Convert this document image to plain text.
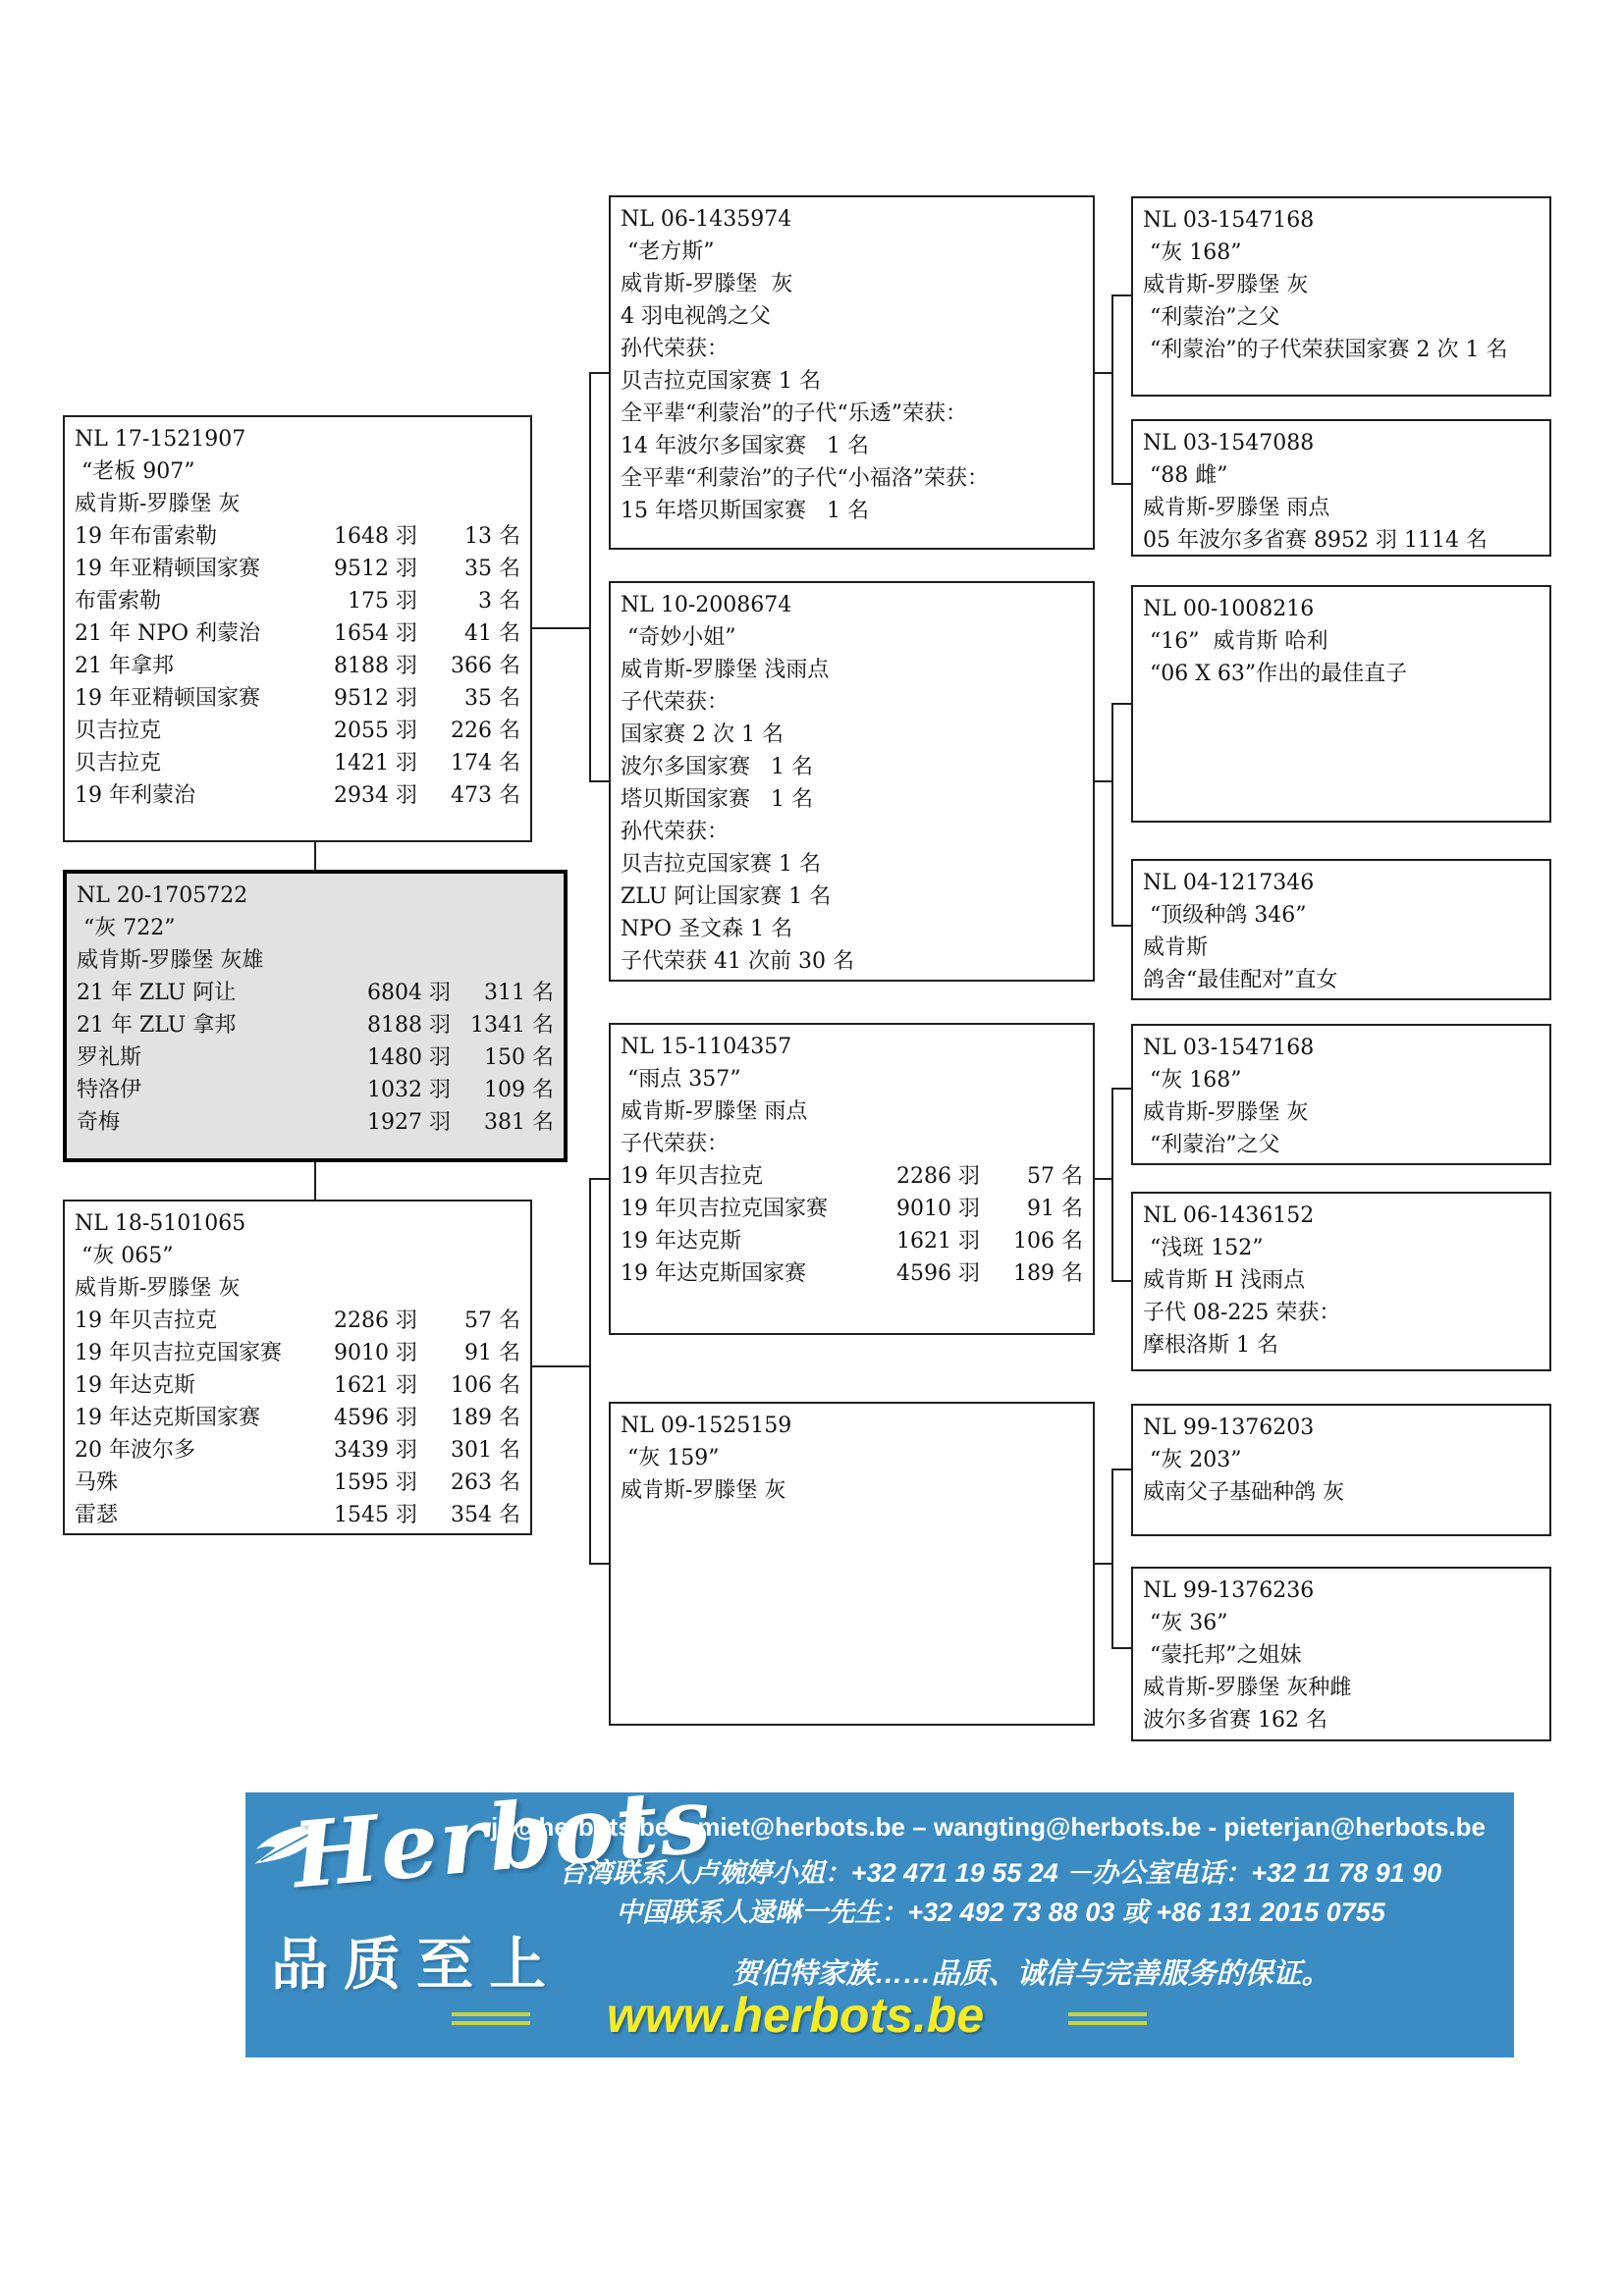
NL 17-1521907
“老板 907”
威肯斯-罗滕堡 灰
19 年布雷索勒	1648 羽	13 名
19 年亚精顿国家赛	9512 羽	35 名
布雷索勒	175 羽	3 名
21 年 NPO 利蒙治	1654 羽	41 名
21 年拿邦	8188 羽	366 名
19 年亚精顿国家赛	9512 羽	35 名
贝吉拉克	2055 羽	226 名
贝吉拉克	1421 羽	174 名
19 年利蒙治	2934 羽	473 名
NL 20-1705722
“灰 722”
威肯斯-罗滕堡 灰雄
21 年 ZLU 阿让	6804 羽	311 名
21 年 ZLU 拿邦	8188 羽 1341 名
罗礼斯	1480 羽	150 名
特洛伊	1032 羽	109 名
奇梅	1927 羽	381 名
NL 18-5101065
“灰 065”
威肯斯-罗滕堡 灰
19 年贝吉拉克	2286 羽	57 名
19 年贝吉拉克国家赛	9010 羽	91 名
19 年达克斯	1621 羽	106 名
19 年达克斯国家赛	4596 羽	189 名
20 年波尔多	3439 羽	301 名
马殊	1595 羽	263 名
雷瑟	1545 羽	354 名
NL 06-1435974
“老方斯”
威肯斯-罗滕堡  灰
4 羽电视鸽之父
孙代荣获：
贝吉拉克国家赛 1 名
全平辈“利蒙治”的子代“乐透”荣获：
14 年波尔多国家赛   1 名
全平辈“利蒙治”的子代“小福洛”荣获：
15 年塔贝斯国家赛   1 名
NL 10-2008674
“奇妙小姐”
威肯斯-罗滕堡 浅雨点
子代荣获：
国家赛 2 次 1 名
波尔多国家赛   1 名
塔贝斯国家赛   1 名
孙代荣获：
贝吉拉克国家赛 1 名
ZLU 阿让国家赛 1 名
NPO 圣文森 1 名
子代荣获 41 次前 30 名
NL 15-1104357
“雨点 357”
威肯斯-罗滕堡 雨点
子代荣获：
19 年贝吉拉克	2286 羽	57 名
19 年贝吉拉克国家赛	9010 羽	91 名
19 年达克斯	1621 羽	106 名
19 年达克斯国家赛	4596 羽	189 名
NL 09-1525159
“灰 159”
威肯斯-罗滕堡 灰
NL 03-1547168
“灰 168”
威肯斯-罗滕堡 灰
“利蒙治”之父
“利蒙治”的子代荣获国家赛 2 次 1 名
NL 03-1547088
“88 雌”
威肯斯-罗滕堡 雨点
05 年波尔多省赛 8952 羽 1114 名
NL 00-1008216
“16”  威肯斯 哈利
“06 X 63”作出的最佳直子
NL 04-1217346
“顶级种鸽 346”
威肯斯
鸽舍“最佳配对”直女
NL 03-1547168
“灰 168”
威肯斯-罗滕堡 灰
“利蒙治”之父
NL 06-1436152
“浅斑 152”
威肯斯 H 浅雨点
子代 08-225 荣获：
摩根洛斯 1 名
NL 99-1376203
“灰 203”
威南父子基础种鸽 灰
NL 99-1376236
“灰 36”
“蒙托邦”之姐妹
威肯斯-罗滕堡 灰种雌
波尔多省赛 162 名
Herbots
品质至上
jo@herbots.be – miet@herbots.be – wangting@herbots.be - pieterjan@herbots.be
台湾联系人卢婉婷小姐：+32 471 19 55 24 －办公室电话：+32 11 78 91 90
中国联系人逯晽一先生：+32 492 73 88 03 或 +86 131 2015 0755
贺伯特家族……品质、诚信与完善服务的保证。
www.herbots.be
